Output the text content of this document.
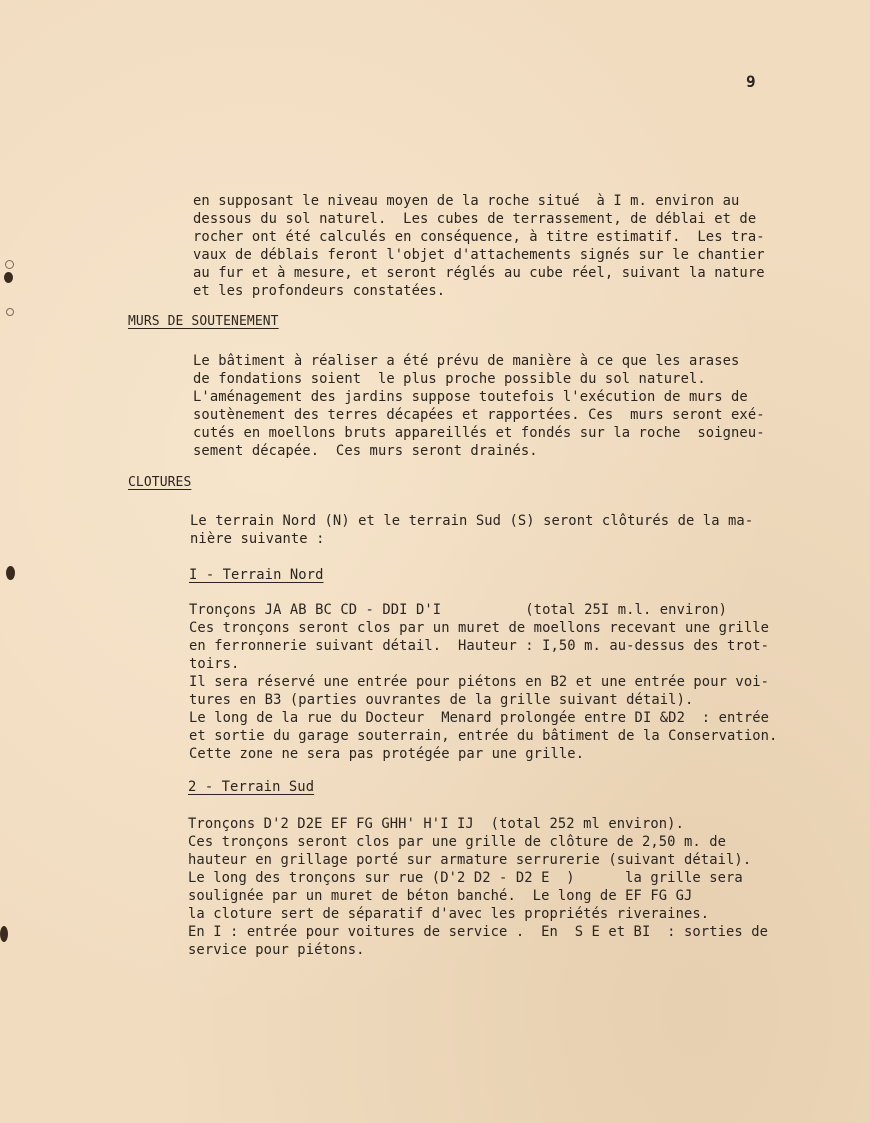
9
en supposant le niveau moyen de la roche situé  à I m. environ au
dessous du sol naturel.  Les cubes de terrassement, de déblai et de
rocher ont été calculés en conséquence, à titre estimatif.  Les tra-
vaux de déblais feront l'objet d'attachements signés sur le chantier
au fur et à mesure, et seront réglés au cube réel, suivant la nature
et les profondeurs constatées.
MURS DE SOUTENEMENT
Le bâtiment à réaliser a été prévu de manière à ce que les arases
de fondations soient  le plus proche possible du sol naturel.
L'aménagement des jardins suppose toutefois l'exécution de murs de
soutènement des terres décapées et rapportées. Ces  murs seront exé-
cutés en moellons bruts appareillés et fondés sur la roche  soigneu-
sement décapée.  Ces murs seront drainés.
CLOTURES
Le terrain Nord (N) et le terrain Sud (S) seront clôturés de la ma-
nière suivante :
I - Terrain Nord
Tronçons JA AB BC CD - DDI D'I          (total 25I m.l. environ)
Ces tronçons seront clos par un muret de moellons recevant une grille
en ferronnerie suivant détail.  Hauteur : I,50 m. au-dessus des trot-
toirs.
Il sera réservé une entrée pour piétons en B2 et une entrée pour voi-
tures en B3 (parties ouvrantes de la grille suivant détail).
Le long de la rue du Docteur  Menard prolongée entre DI &D2  : entrée
et sortie du garage souterrain, entrée du bâtiment de la Conservation.
Cette zone ne sera pas protégée par une grille.
2 - Terrain Sud
Tronçons D'2 D2E EF FG GHH' H'I IJ  (total 252 ml environ).
Ces tronçons seront clos par une grille de clôture de 2,50 m. de
hauteur en grillage porté sur armature serrurerie (suivant détail).
Le long des tronçons sur rue (D'2 D2 - D2 E  )      la grille sera
soulignée par un muret de béton banché.  Le long de EF FG GJ
la cloture sert de séparatif d'avec les propriétés riveraines.
En I : entrée pour voitures de service .  En  S E et BI  : sorties de
service pour piétons.
